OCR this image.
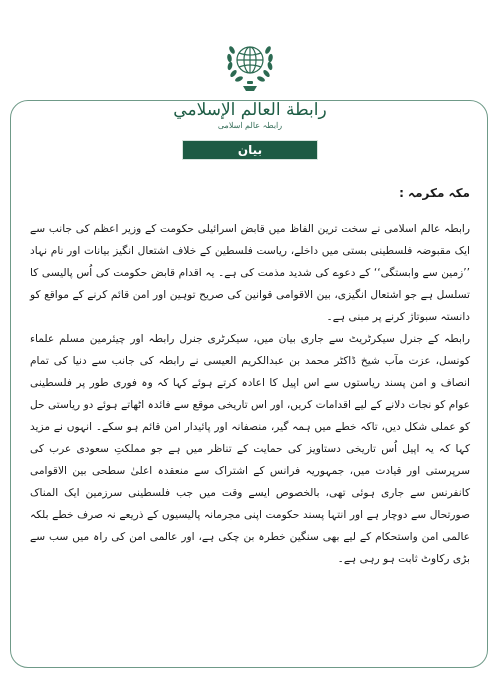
رابطة العالم الإسلامي
رابطہ عالم اسلامی
بیان

مکہ مکرمہ :

رابطہ عالم اسلامی نے سخت ترین الفاظ میں قابض اسرائیلی حکومت کے وزیر اعظم کی جانب سے ایک مقبوضہ فلسطینی بستی میں داخلے، ریاست فلسطین کے خلاف اشتعال انگیز بیانات اور نام نہاد ’’زمین سے وابستگی‘‘ کے دعوے کی شدید مذمت کی ہے۔ یہ اقدام قابض حکومت کی اُس پالیسی کا تسلسل ہے جو اشتعال انگیزی، بین الاقوامی قوانین کی صریح توہین اور امن قائم کرنے کے مواقع کو دانستہ سبوتاژ کرنے پر مبنی ہے۔

رابطہ کے جنرل سیکرٹریٹ سے جاری بیان میں، سیکرٹری جنرل رابطہ اور چیئرمین مسلم علماء کونسل، عزت مآب شیخ ڈاکٹر محمد بن عبدالکریم العیسی نے رابطہ کی جانب سے دنیا کی تمام انصاف و امن پسند ریاستوں سے اس اپیل کا اعادہ کرتے ہوئے کہا کہ وہ فوری طور پر فلسطینی عوام کو نجات دلانے کے لیے اقدامات کریں، اور اس تاریخی موقع سے فائدہ اٹھاتے ہوئے دو ریاستی حل کو عملی شکل دیں، تاکہ خطے میں ہمہ گیر، منصفانہ اور پائیدار امن قائم ہو سکے۔ انہوں نے مزید کہا کہ یہ اپیل اُس تاریخی دستاویز کی حمایت کے تناظر میں ہے جو مملکتِ سعودی عرب کی سرپرستی اور قیادت میں، جمہوریہ فرانس کے اشتراک سے منعقدہ اعلیٰ سطحی بین الاقوامی کانفرنس سے جاری ہوئی تھی، بالخصوص ایسے وقت میں جب فلسطینی سرزمین ایک المناک صورتحال سے دوچار ہے اور انتہا پسند حکومت اپنی مجرمانہ پالیسیوں کے ذریعے نہ صرف خطے بلکہ عالمی امن واستحکام کے لیے بھی سنگین خطرہ بن چکی ہے، اور عالمی امن کی راہ میں سب سے بڑی رکاوٹ ثابت ہو رہی ہے۔
